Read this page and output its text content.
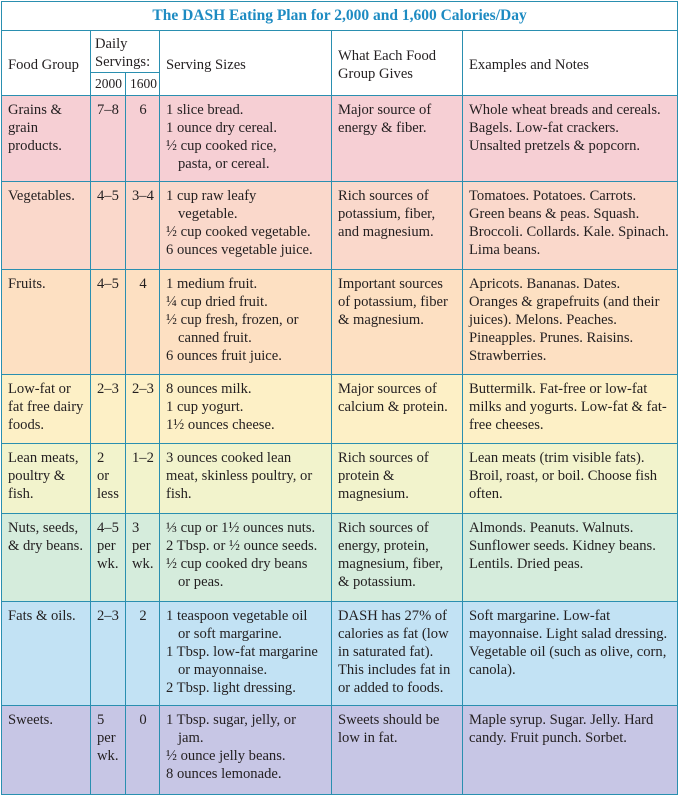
The DASH Eating Plan for 2,000 and 1,600 Calories/Day					
Food Group	Daily Servings:		Serving Sizes	What Each Food Group Gives	Examples and Notes
	2000	1600			
Grains & grain products.	7–8	6	1 slice bread.
1 ounce dry cereal.
½ cup cooked rice,
pasta, or cereal.	Major source of energy & fiber.	Whole wheat breads and cereals. Bagels. Low-fat crackers. Unsalted pretzels & popcorn.
Vegetables.	4–5	3–4	1 cup raw leafy
vegetable.
½ cup cooked vegetable.
6 ounces vegetable juice.	Rich sources of potassium, fiber, and magnesium.	Tomatoes. Potatoes. Carrots. Green beans & peas. Squash. Broccoli. Collards. Kale. Spinach. Lima beans.
Fruits.	4–5	4	1 medium fruit.
¼ cup dried fruit.
½ cup fresh, frozen, or
canned fruit.
6 ounces fruit juice.	Important sources of potassium, fiber & magnesium.	Apricots. Bananas. Dates. Oranges & grapefruits (and their juices). Melons. Peaches. Pineapples. Prunes. Raisins. Strawberries.
Low-fat or fat free dairy foods.	2–3	2–3	8 ounces milk.
1 cup yogurt.
1½ ounces cheese.	Major sources of calcium & protein.	Buttermilk. Fat-free or low-fat milks and yogurts. Low-fat & fat-free cheeses.
Lean meats, poultry & fish.	2 or less	1–2	3 ounces cooked lean meat, skinless poultry, or fish.	Rich sources of protein & magnesium.	Lean meats (trim visible fats). Broil, roast, or boil. Choose fish often.
Nuts, seeds, & dry beans.	4–5 per wk.	3 per wk.	⅓ cup or 1½ ounces nuts.
2 Tbsp. or ½ ounce seeds.
½ cup cooked dry beans
or peas.	Rich sources of energy, protein, magnesium, fiber, & potassium.	Almonds. Peanuts. Walnuts. Sunflower seeds. Kidney beans. Lentils. Dried peas.
Fats & oils.	2–3	2	1 teaspoon vegetable oil
or soft margarine.
1 Tbsp. low-fat margarine
or mayonnaise.
2 Tbsp. light dressing.	DASH has 27% of calories as fat (low in saturated fat). This includes fat in or added to foods.	Soft margarine. Low-fat mayonnaise. Light salad dressing. Vegetable oil (such as olive, corn, canola).
Sweets.	5 per wk.	0	1 Tbsp. sugar, jelly, or
jam.
½ ounce jelly beans.
8 ounces lemonade.	Sweets should be low in fat.	Maple syrup. Sugar. Jelly. Hard candy. Fruit punch. Sorbet.
